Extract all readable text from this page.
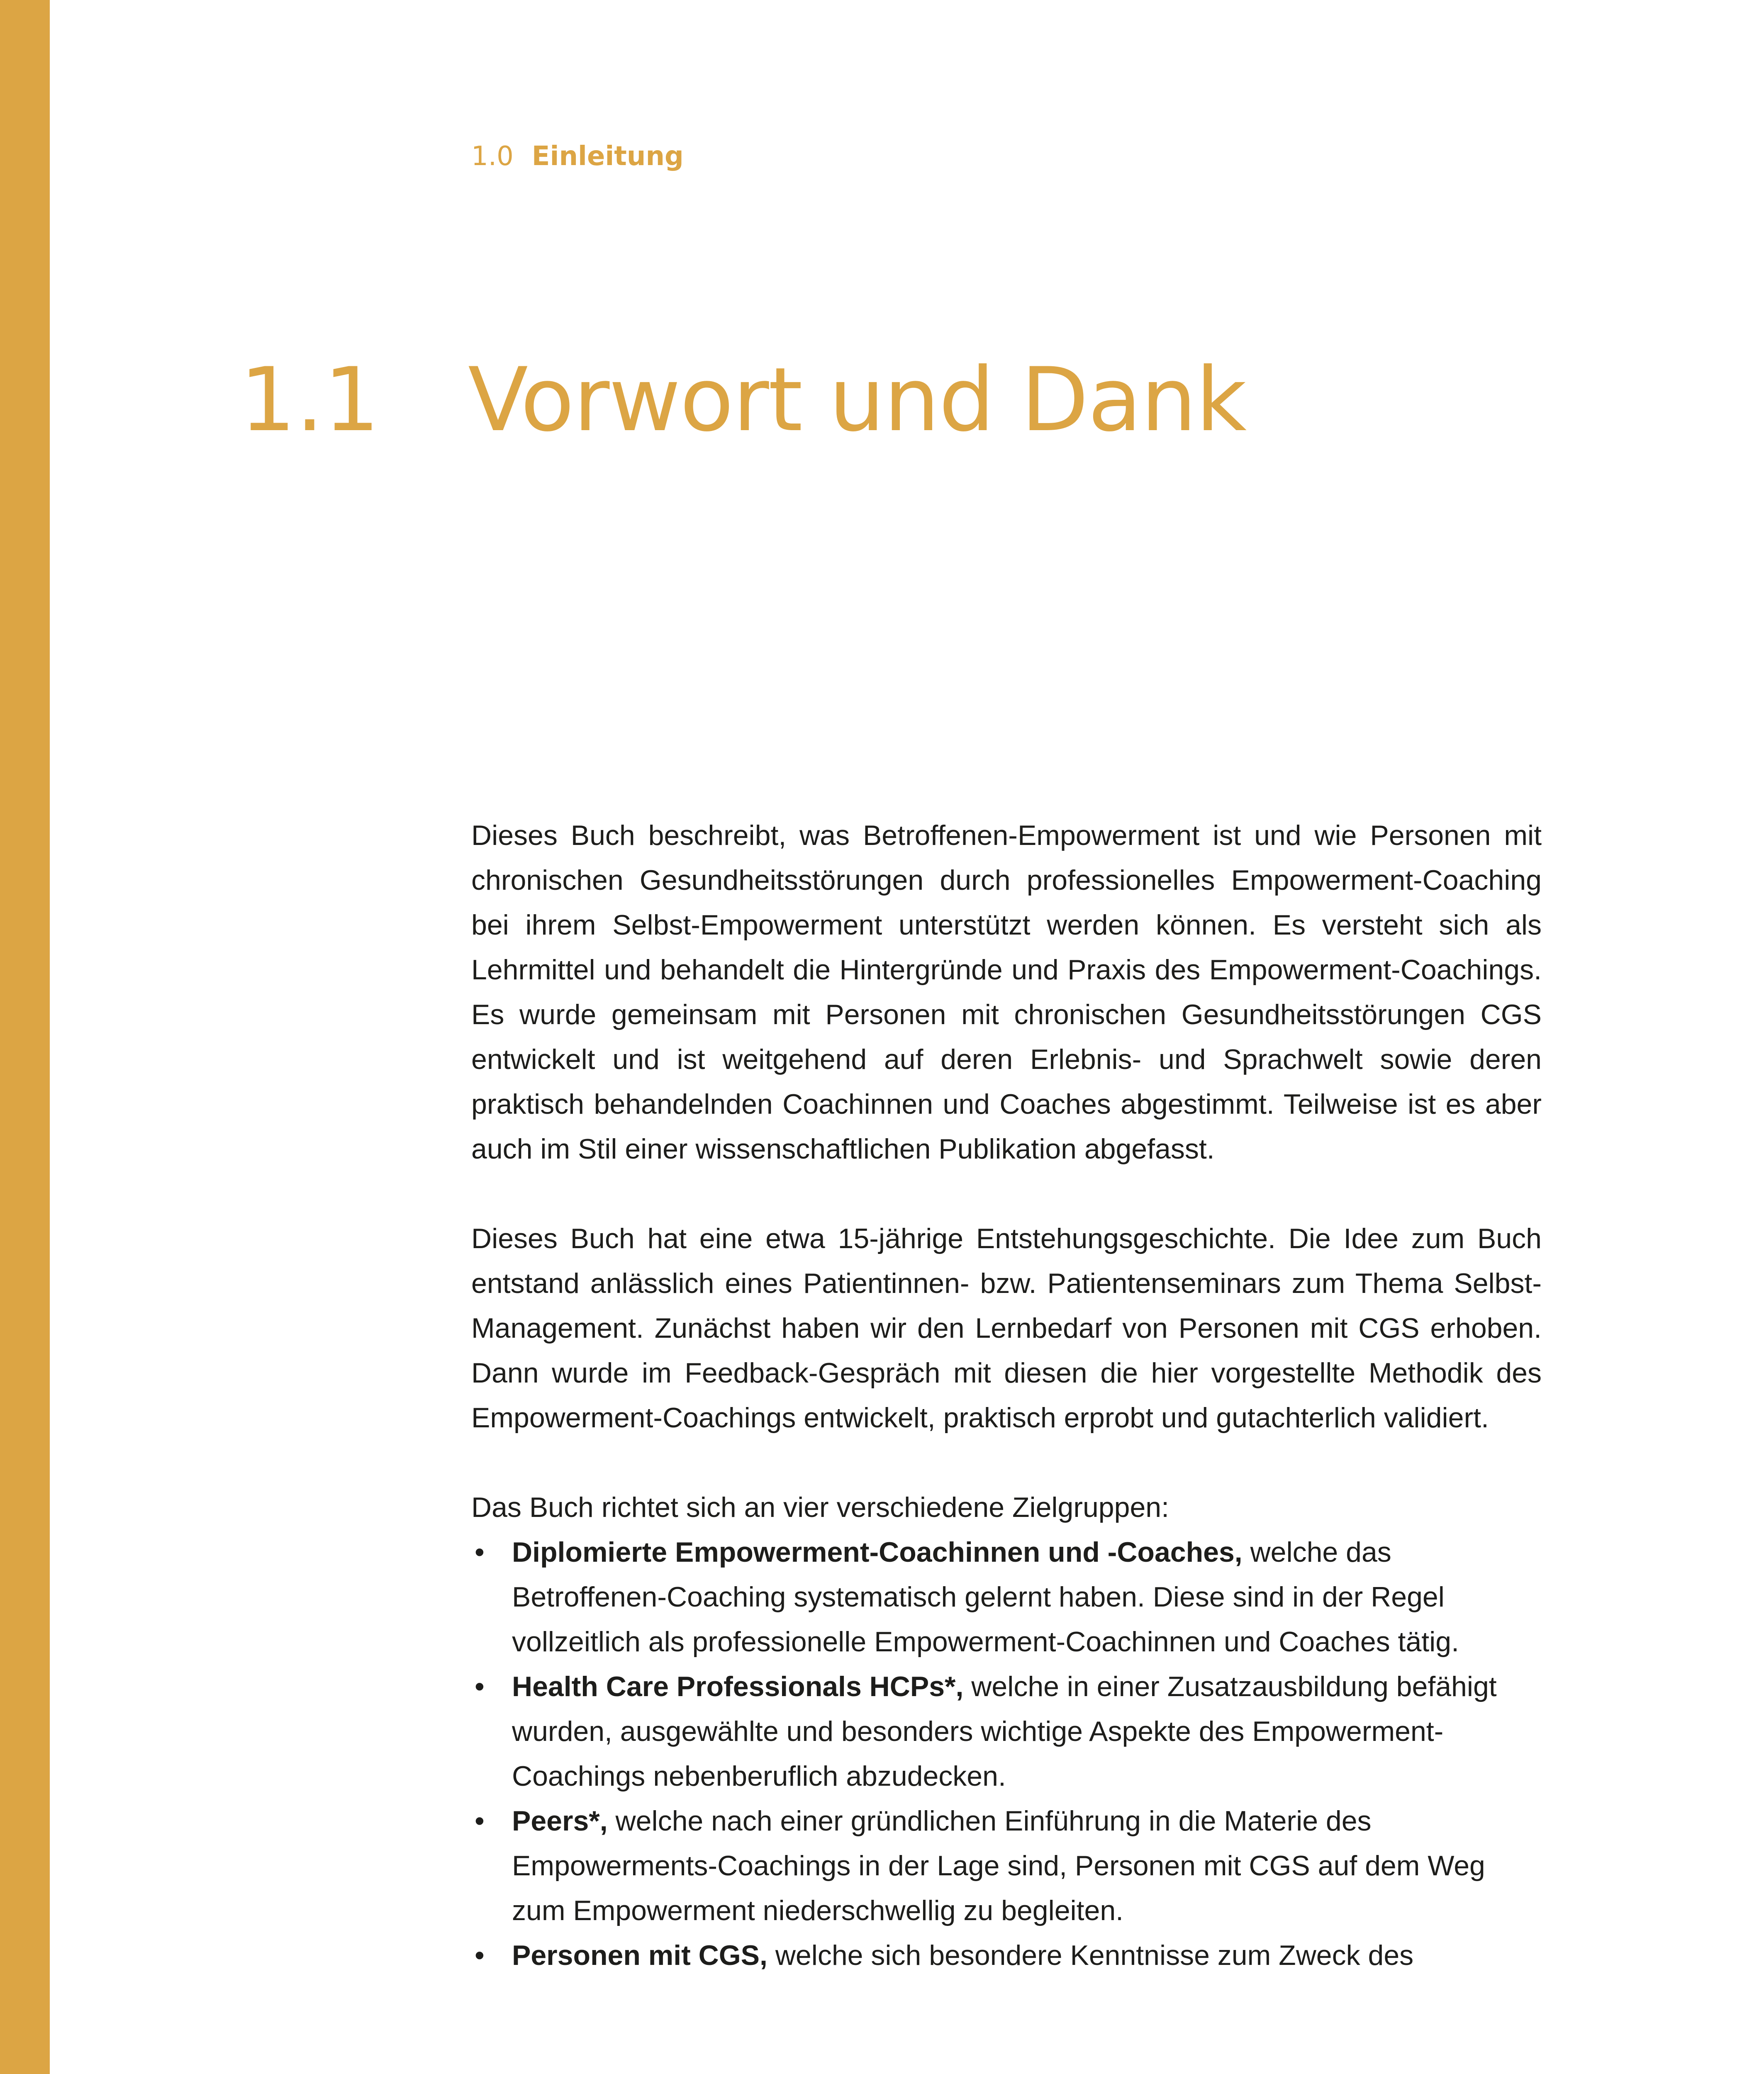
1.0 Einleitung
1.1 Vorwort und Dank

Dieses Buch beschreibt, was Betroffenen-Empowerment ist und wie Personen mit chronischen Gesundheitsstörungen durch professionelles Empowerment-Coaching bei ihrem Selbst-Empowerment unterstützt werden können. Es versteht sich als Lehrmittel und behandelt die Hintergründe und Praxis des Empowerment-Coachings. Es wurde gemeinsam mit Personen mit chronischen Gesundheitsstörungen CGS entwickelt und ist weitgehend auf deren Erlebnis- und Sprachwelt sowie deren praktisch behandelnden Coachinnen und Coaches abgestimmt. Teilweise ist es aber auch im Stil einer wissenschaftlichen Publikation abgefasst.

Dieses Buch hat eine etwa 15-jährige Entstehungsgeschichte. Die Idee zum Buch entstand anlässlich eines Patientinnen- bzw. Patientenseminars zum Thema Selbst-Management. Zunächst haben wir den Lernbedarf von Personen mit CGS erhoben. Dann wurde im Feedback-Gespräch mit diesen die hier vorgestellte Methodik des Empowerment-Coachings entwickelt, praktisch erprobt und gutachterlich validiert.

Das Buch richtet sich an vier verschiedene Zielgruppen:

• Diplomierte Empowerment-Coachinnen und -Coaches, welche das Betroffenen-Coaching systematisch gelernt haben. Diese sind in der Regel vollzeitlich als professionelle Empowerment-Coachinnen und Coaches tätig.
• Health Care Professionals HCPs*, welche in einer Zusatzausbildung befähigt wurden, ausgewählte und besonders wichtige Aspekte des Empowerment-Coachings nebenberuflich abzudecken.
• Peers*, welche nach einer gründlichen Einführung in die Materie des Empowerments-Coachings in der Lage sind, Personen mit CGS auf dem Weg zum Empowerment niederschwellig zu begleiten.
• Personen mit CGS, welche sich besondere Kenntnisse zum Zweck des
